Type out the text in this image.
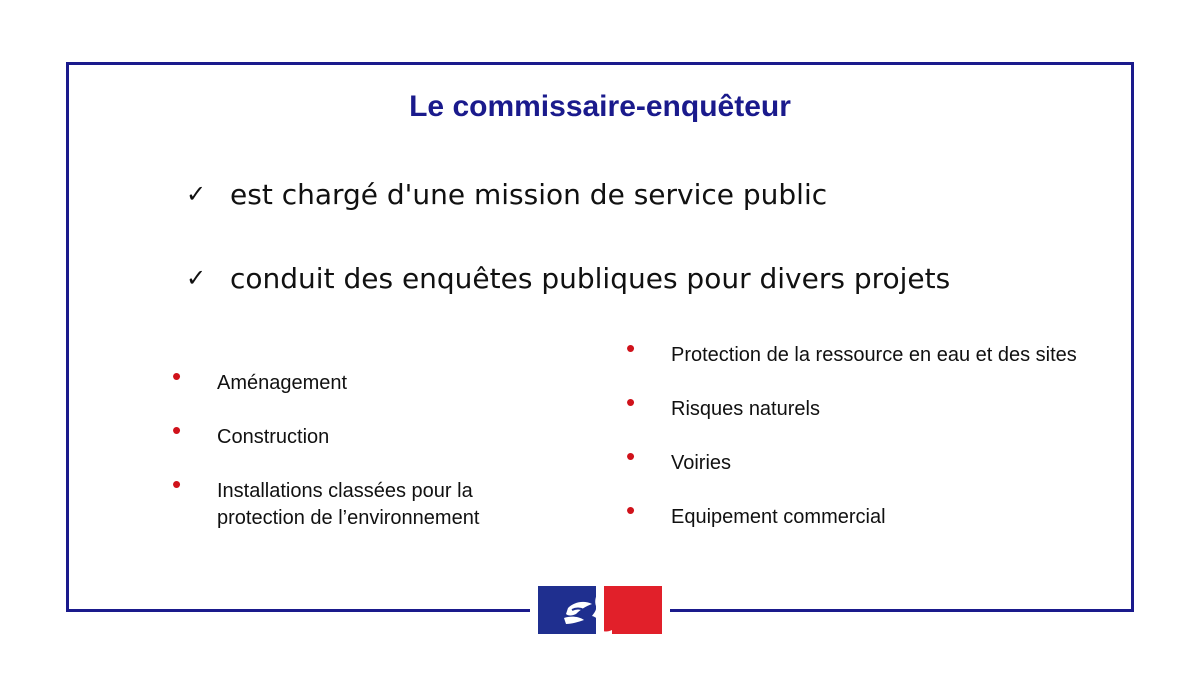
Le commissaire-enquêteur
✓ est chargé d'une mission de service public
✓ conduit des enquêtes publiques pour divers projets
• Aménagement
• Construction
• Installations classées pour la protection de l’environnement
• Protection de la ressource en eau et des sites
• Risques naturels
• Voiries
• Equipement commercial
